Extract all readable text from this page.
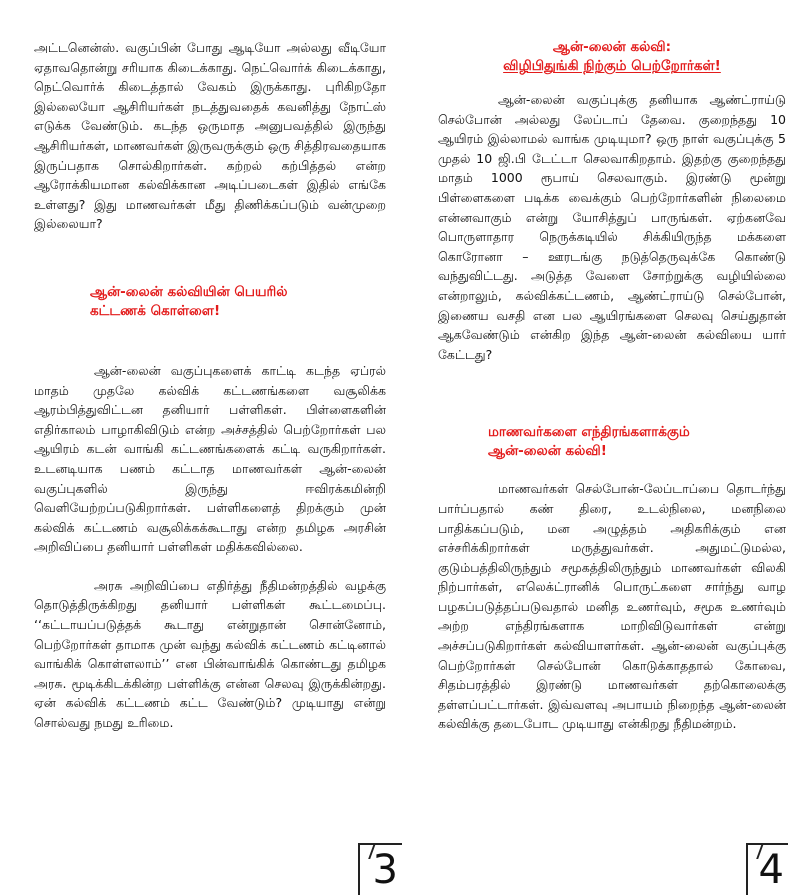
அட்டனென்ஸ். வகுப்பின் போது ஆடியோ அல்லது வீடியோ ஏதாவதொன்று சரியாக கிடைக்காது. நெட்வொர்க் கிடைக்காது, நெட்வொர்க் கிடைத்தால் வேகம் இருக்காது. புரிகிறதோ இல்லையோ ஆசிரியர்கள் நடத்துவதைக் கவனித்து நோட்ஸ் எடுக்க வேண்டும். கடந்த ஒருமாத அனுபவத்தில் இருந்து ஆசிரியர்கள், மாணவர்கள் இருவருக்கும் ஒரு சித்திரவதையாக இருப்பதாக சொல்கிறார்கள். கற்றல் கற்பித்தல் என்ற ஆரோக்கியமான கல்விக்கான அடிப்படைகள் இதில் எங்கே உள்ளது? இது மாணவர்கள் மீது திணிக்கப்படும் வன்முறை இல்லையா?

ஆன்-லைன் கல்வியின் பெயரில்
கட்டணக் கொள்ளை!

ஆன்-லைன் வகுப்புகளைக் காட்டி கடந்த ஏப்ரல் மாதம் முதலே கல்விக் கட்டணங்களை வசூலிக்க ஆரம்பித்துவிட்டன தனியார் பள்ளிகள். பிள்ளைகளின் எதிர்காலம் பாழாகிவிடும் என்ற அச்சத்தில் பெற்றோர்கள் பல ஆயிரம் கடன் வாங்கி கட்டணங்களைக் கட்டி வருகிறார்கள். உடனடியாக பணம் கட்டாத மாணவர்கள் ஆன்-லைன் வகுப்புகளில் இருந்து ஈவிரக்கமின்றி வெளியேற்றப்படுகிறார்கள். பள்ளிகளைத் திறக்கும் முன் கல்விக் கட்டணம் வசூலிக்கக்கூடாது என்ற தமிழக அரசின் அறிவிப்பை தனியார் பள்ளிகள் மதிக்கவில்லை.

அரசு அறிவிப்பை எதிர்த்து நீதிமன்றத்தில் வழக்கு தொடுத்திருக்கிறது தனியார் பள்ளிகள் கூட்டமைப்பு. ‘‘கட்டாயப்படுத்தக் கூடாது என்றுதான் சொன்னோம், பெற்றோர்கள் தாமாக முன் வந்து கல்விக் கட்டணம் கட்டினால் வாங்கிக் கொள்ளலாம்’’ என பின்வாங்கிக் கொண்டது தமிழக அரசு. மூடிக்கிடக்கின்ற பள்ளிக்கு என்ன செலவு இருக்கின்றது. ஏன் கல்விக் கட்டணம் கட்ட வேண்டும்? முடியாது என்று சொல்வது நமது உரிமை.

3
ஆன்-லைன் கல்வி:
விழிபிதுங்கி நிற்கும் பெற்றோர்கள்!

ஆன்-லைன் வகுப்புக்கு தனியாக ஆண்ட்ராய்டு செல்போன் அல்லது லேப்டாப் தேவை. குறைந்தது 10 ஆயிரம் இல்லாமல் வாங்க முடியுமா? ஒரு நாள் வகுப்புக்கு 5 முதல் 10 ஜி.பி டேட்டா செலவாகிறதாம். இதற்கு குறைந்தது மாதம் 1000 ரூபாய் செலவாகும். இரண்டு மூன்று பிள்ளைகளை படிக்க வைக்கும் பெற்றோர்களின் நிலைமை என்னவாகும் என்று யோசித்துப் பாருங்கள். ஏற்கனவே பொருளாதார நெருக்கடியில் சிக்கியிருந்த மக்களை கொரோனா – ஊரடங்கு நடுத்தெருவுக்கே கொண்டு வந்துவிட்டது. அடுத்த வேளை சோற்றுக்கு வழியில்லை என்றாலும், கல்விக்கட்டணம், ஆண்ட்ராய்டு செல்போன், இணைய வசதி என பல ஆயிரங்களை செலவு செய்துதான் ஆகவேண்டும் என்கிற இந்த ஆன்-லைன் கல்வியை யார் கேட்டது?

மாணவர்களை எந்திரங்களாக்கும்
ஆன்-லைன் கல்வி!

மாணவர்கள் செல்போன்-லேப்டாப்பை தொடர்ந்து பார்ப்பதால் கண் திரை, உடல்நிலை, மனநிலை பாதிக்கப்படும், மன அழுத்தம் அதிகரிக்கும் என எச்சரிக்கிறார்கள் மருத்துவர்கள். அதுமட்டுமல்ல, குடும்பத்திலிருந்தும் சமூகத்திலிருந்தும் மாணவர்கள் விலகி நிற்பார்கள், எலெக்ட்ரானிக் பொருட்களை சார்ந்து வாழ பழகப்படுத்தப்படுவதால் மனித உணர்வும், சமூக உணர்வும் அற்ற எந்திரங்களாக மாறிவிடுவார்கள் என்று அச்சப்படுகிறார்கள் கல்வியாளர்கள். ஆன்-லைன் வகுப்புக்கு பெற்றோர்கள் செல்போன் கொடுக்காததால் கோவை, சிதம்பரத்தில் இரண்டு மாணவர்கள் தற்கொலைக்கு தள்ளப்பட்டார்கள். இவ்வளவு அபாயம் நிறைந்த ஆன்-லைன் கல்விக்கு தடைபோட முடியாது என்கிறது நீதிமன்றம்.

4
